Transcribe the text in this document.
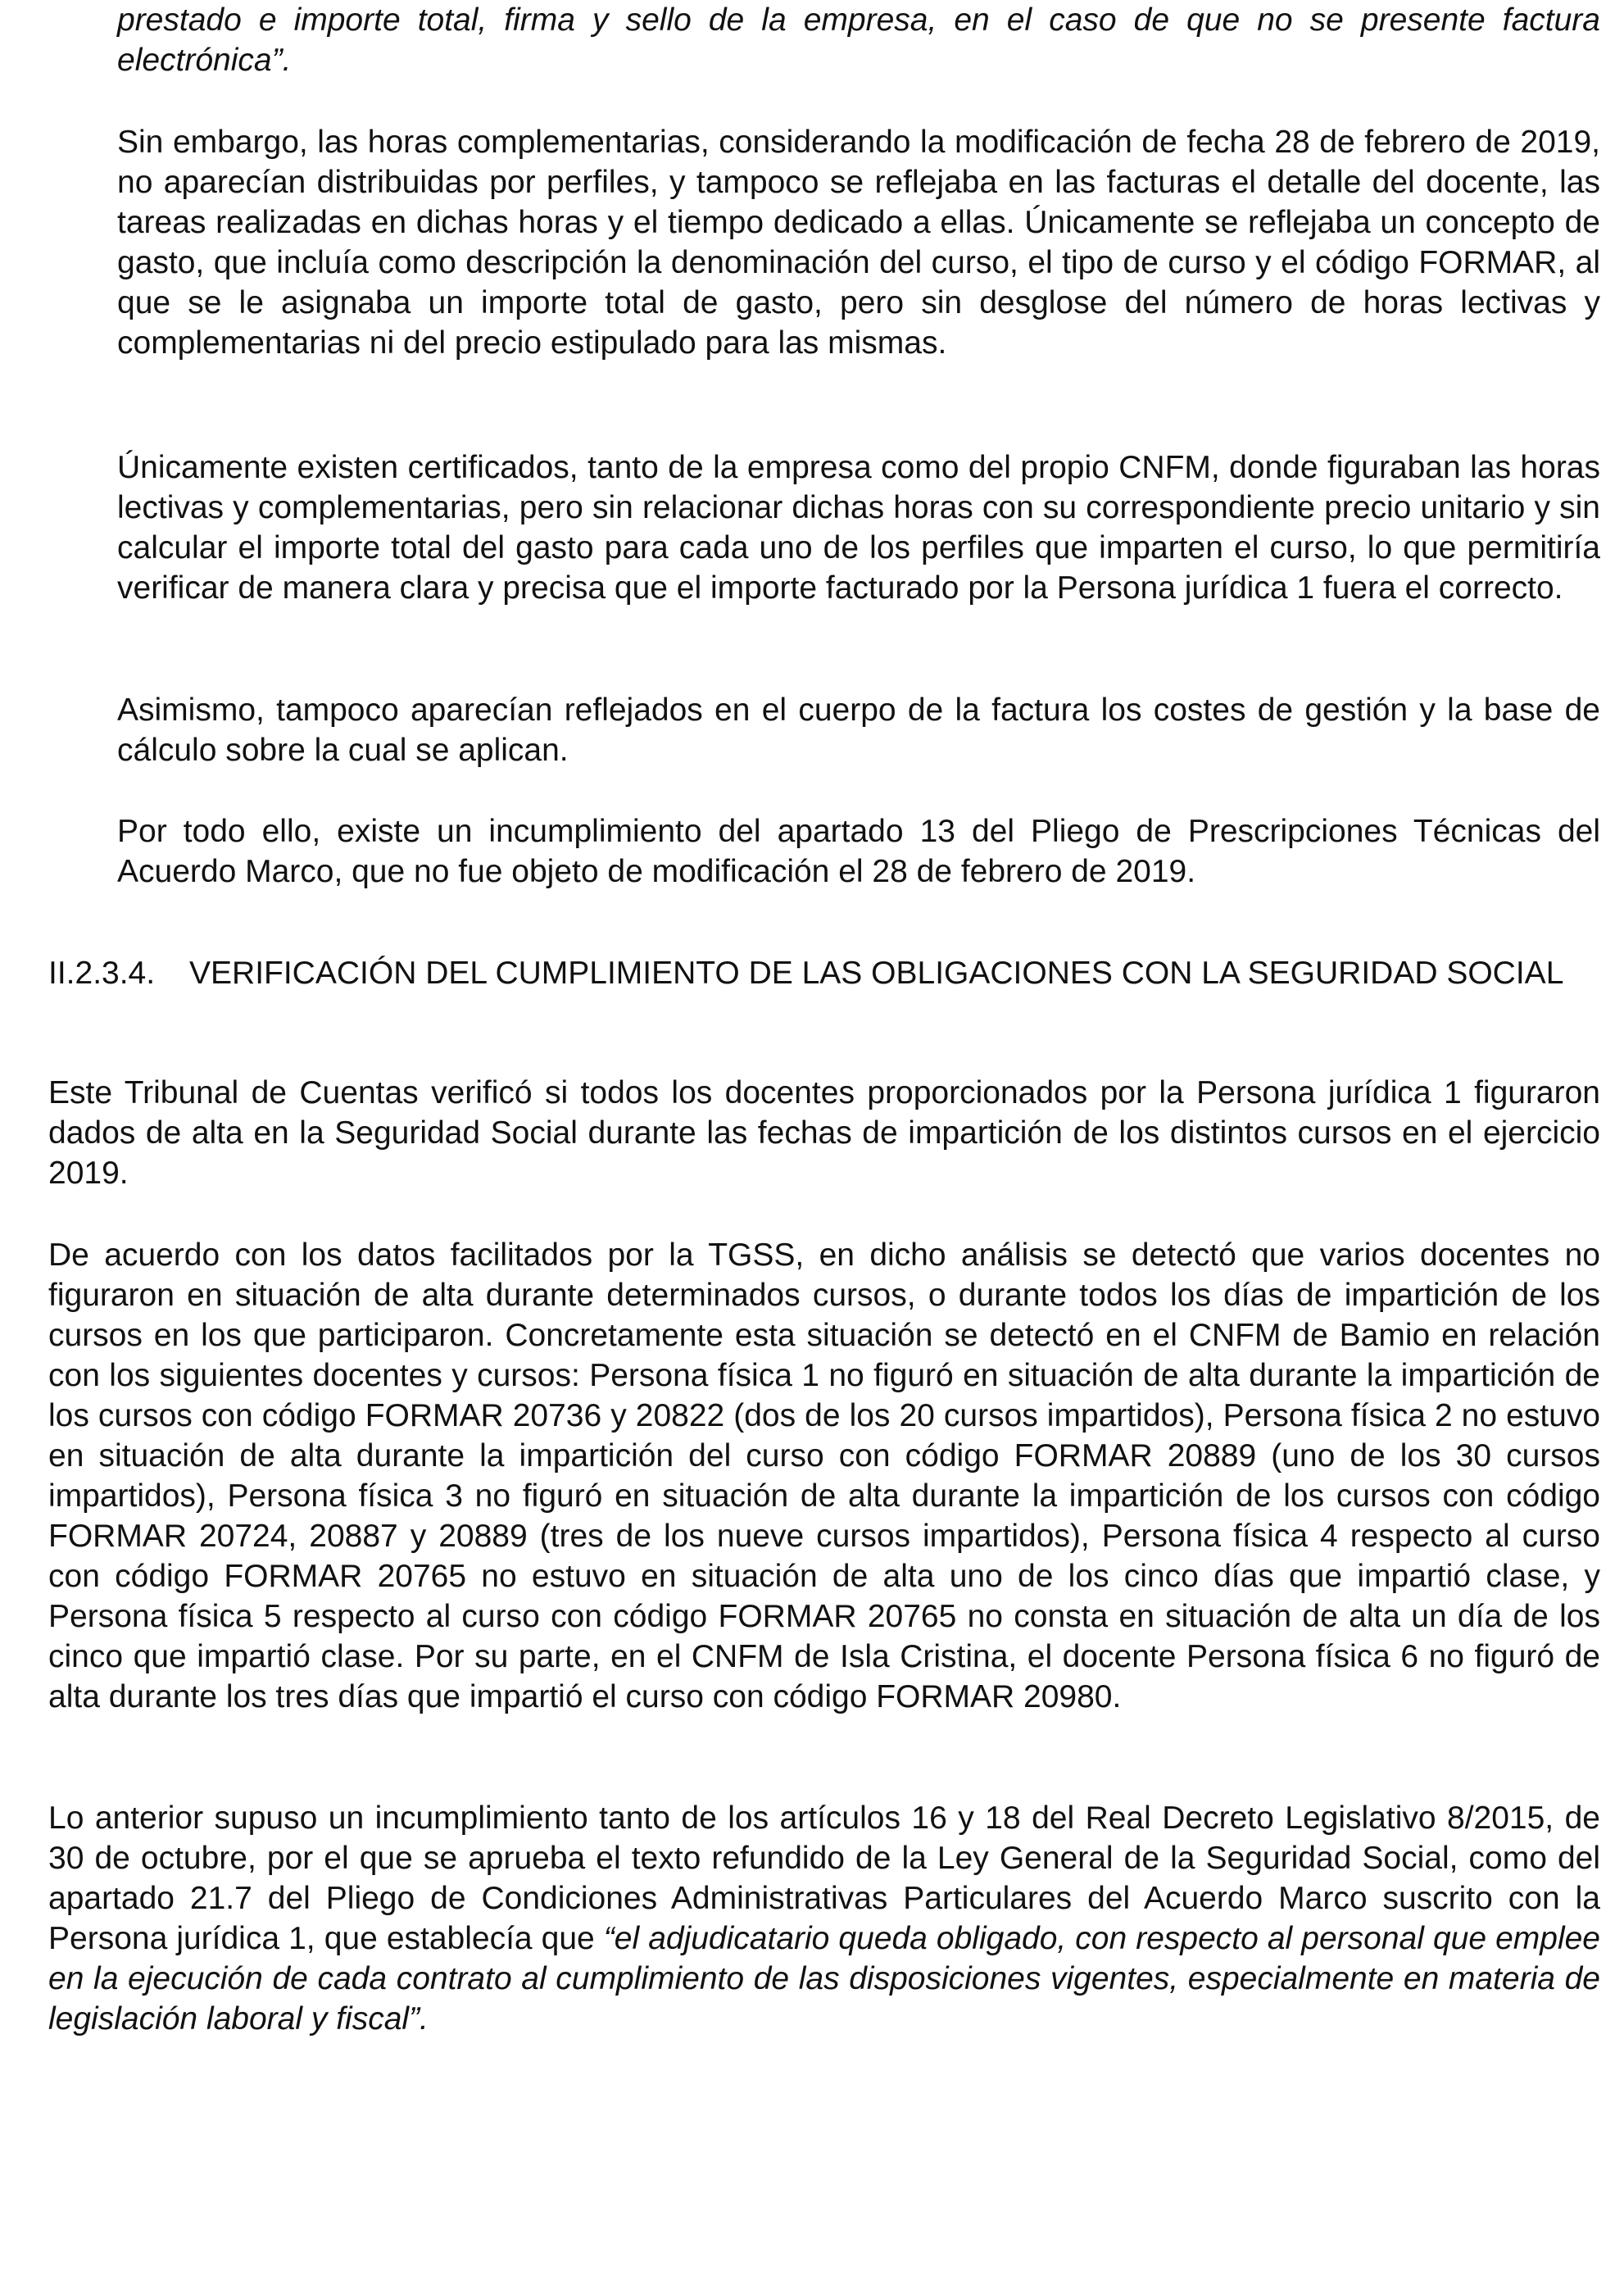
prestado e importe total, firma y sello de la empresa, en el caso de que no se presente factura electrónica”.

Sin embargo, las horas complementarias, considerando la modificación de fecha 28 de febrero de 2019, no aparecían distribuidas por perfiles, y tampoco se reflejaba en las facturas el detalle del docente, las tareas realizadas en dichas horas y el tiempo dedicado a ellas. Únicamente se reflejaba un concepto de gasto, que incluía como descripción la denominación del curso, el tipo de curso y el código FORMAR, al que se le asignaba un importe total de gasto, pero sin desglose del número de horas lectivas y complementarias ni del precio estipulado para las mismas.

Únicamente existen certificados, tanto de la empresa como del propio CNFM, donde figuraban las horas lectivas y complementarias, pero sin relacionar dichas horas con su correspondiente precio unitario y sin calcular el importe total del gasto para cada uno de los perfiles que imparten el curso, lo que permitiría verificar de manera clara y precisa que el importe facturado por la Persona jurídica 1 fuera el correcto.

Asimismo, tampoco aparecían reflejados en el cuerpo de la factura los costes de gestión y la base de cálculo sobre la cual se aplican.

Por todo ello, existe un incumplimiento del apartado 13 del Pliego de Prescripciones Técnicas del Acuerdo Marco, que no fue objeto de modificación el 28 de febrero de 2019.

II.2.3.4. VERIFICACIÓN DEL CUMPLIMIENTO DE LAS OBLIGACIONES CON LA SEGURIDAD SOCIAL

Este Tribunal de Cuentas verificó si todos los docentes proporcionados por la Persona jurídica 1 figuraron dados de alta en la Seguridad Social durante las fechas de impartición de los distintos cursos en el ejercicio 2019.

De acuerdo con los datos facilitados por la TGSS, en dicho análisis se detectó que varios docentes no figuraron en situación de alta durante determinados cursos, o durante todos los días de impartición de los cursos en los que participaron. Concretamente esta situación se detectó en el CNFM de Bamio en relación con los siguientes docentes y cursos: Persona física 1 no figuró en situación de alta durante la impartición de los cursos con código FORMAR 20736 y 20822 (dos de los 20 cursos impartidos), Persona física 2 no estuvo en situación de alta durante la impartición del curso con código FORMAR 20889 (uno de los 30 cursos impartidos), Persona física 3 no figuró en situación de alta durante la impartición de los cursos con código FORMAR 20724, 20887 y 20889 (tres de los nueve cursos impartidos), Persona física 4 respecto al curso con código FORMAR 20765 no estuvo en situación de alta uno de los cinco días que impartió clase, y Persona física 5 respecto al curso con código FORMAR 20765 no consta en situación de alta un día de los cinco que impartió clase. Por su parte, en el CNFM de Isla Cristina, el docente Persona física 6 no figuró de alta durante los tres días que impartió el curso con código FORMAR 20980.

Lo anterior supuso un incumplimiento tanto de los artículos 16 y 18 del Real Decreto Legislativo 8/2015, de 30 de octubre, por el que se aprueba el texto refundido de la Ley General de la Seguridad Social, como del apartado 21.7 del Pliego de Condiciones Administrativas Particulares del Acuerdo Marco suscrito con la Persona jurídica 1, que establecía que “el adjudicatario queda obligado, con respecto al personal que emplee en la ejecución de cada contrato al cumplimiento de las disposiciones vigentes, especialmente en materia de legislación laboral y fiscal”.
